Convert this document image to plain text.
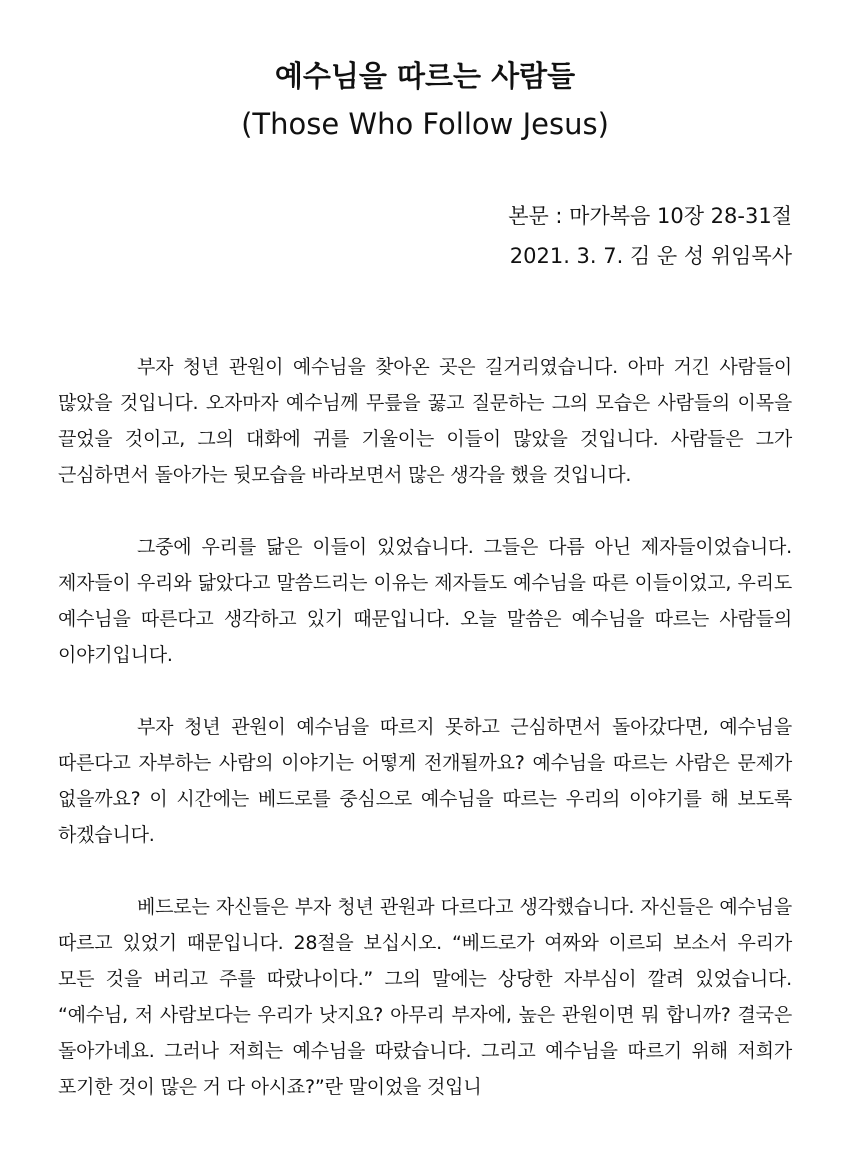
예수님을 따르는 사람들
(Those Who Follow Jesus)
본문 : 마가복음 10장 28-31절
2021. 3. 7. 김 운 성 위임목사

부자 청년 관원이 예수님을 찾아온 곳은 길거리였습니다. 아마 거긴 사람들이 많았을 것입니다. 오자마자 예수님께 무릎을 꿇고 질문하는 그의 모습은 사람들의 이목을 끌었을 것이고, 그의 대화에 귀를 기울이는 이들이 많았을 것입니다. 사람들은 그가 근심하면서 돌아가는 뒷모습을 바라보면서 많은 생각을 했을 것입니다.

그중에 우리를 닮은 이들이 있었습니다. 그들은 다름 아닌 제자들이었습니다. 제자들이 우리와 닮았다고 말씀드리는 이유는 제자들도 예수님을 따른 이들이었고, 우리도 예수님을 따른다고 생각하고 있기 때문입니다. 오늘 말씀은 예수님을 따르는 사람들의 이야기입니다.

부자 청년 관원이 예수님을 따르지 못하고 근심하면서 돌아갔다면, 예수님을 따른다고 자부하는 사람의 이야기는 어떻게 전개될까요? 예수님을 따르는 사람은 문제가 없을까요? 이 시간에는 베드로를 중심으로 예수님을 따르는 우리의 이야기를 해 보도록 하겠습니다.

베드로는 자신들은 부자 청년 관원과 다르다고 생각했습니다. 자신들은 예수님을 따르고 있었기 때문입니다. 28절을 보십시오. “베드로가 여짜와 이르되 보소서 우리가 모든 것을 버리고 주를 따랐나이다.” 그의 말에는 상당한 자부심이 깔려 있었습니다. “예수님, 저 사람보다는 우리가 낫지요? 아무리 부자에, 높은 관원이면 뭐 합니까? 결국은 돌아가네요. 그러나 저희는 예수님을 따랐습니다. 그리고 예수님을 따르기 위해 저희가 포기한 것이 많은 거 다 아시죠?”란 말이었을 것입니
